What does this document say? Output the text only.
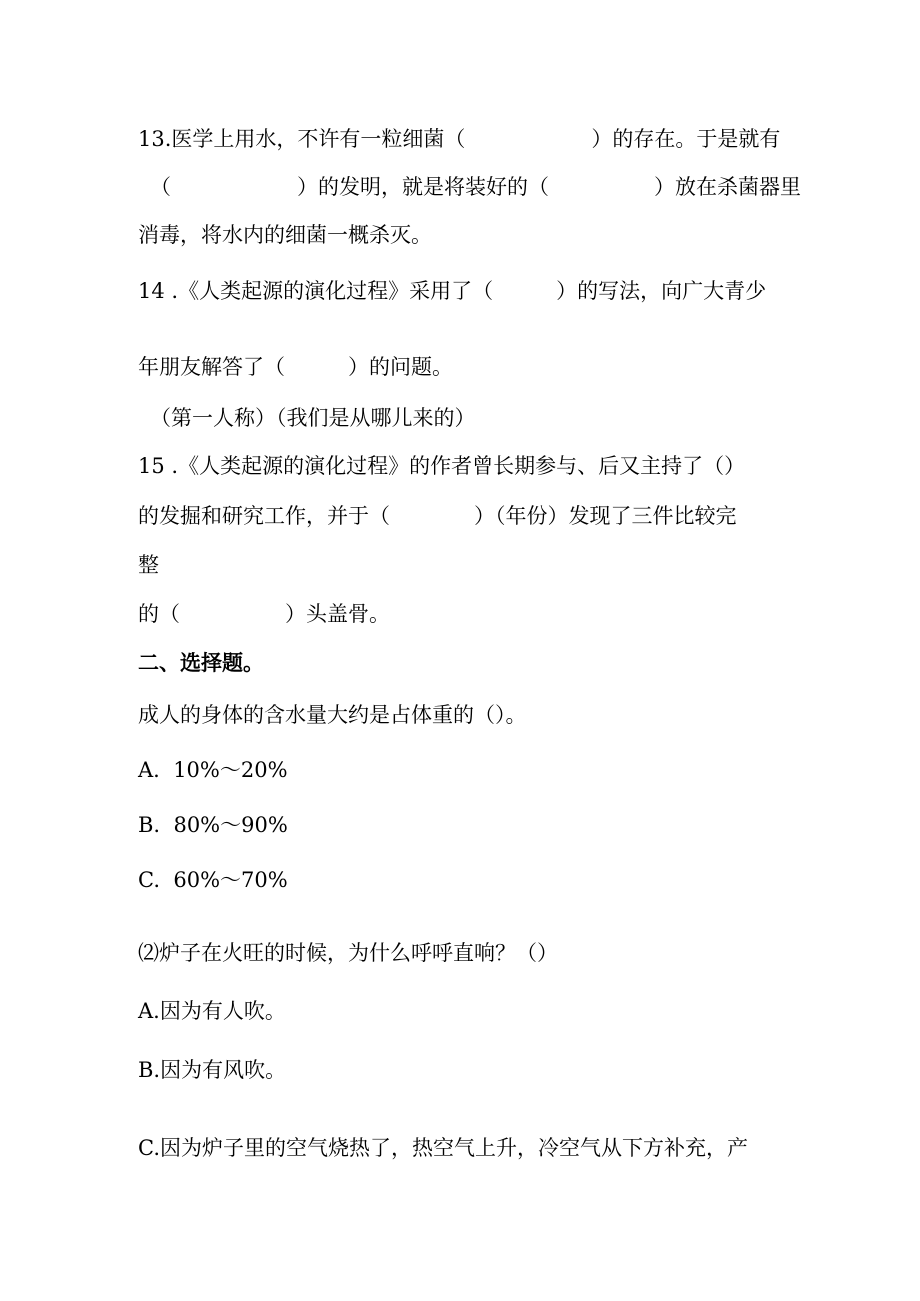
13.医学上用水，不许有一粒细菌（　　　　　　）的存在。于是就有
（　　　　　　）的发明，就是将装好的（　　　　　）放在杀菌器里
消毒，将水内的细菌一概杀灭。
14 .《人类起源的演化过程》采用了（　　　）的写法，向广大青少
年朋友解答了（　　　）的问题。
（第一人称）（我们是从哪儿来的）
15 .《人类起源的演化过程》的作者曾长期参与、后又主持了（）
的发掘和研究工作，并于（　　　　）（年份）发现了三件比较完
整
的（　　　　　）头盖骨。
二、选择题。
成人的身体的含水量大约是占体重的（）。
A.  10%～20%
B.  80%～90%
C.  60%～70%
⑵炉子在火旺的时候，为什么呼呼直响？（）
A.因为有人吹。
B.因为有风吹。
C.因为炉子里的空气烧热了，热空气上升，冷空气从下方补充，产
